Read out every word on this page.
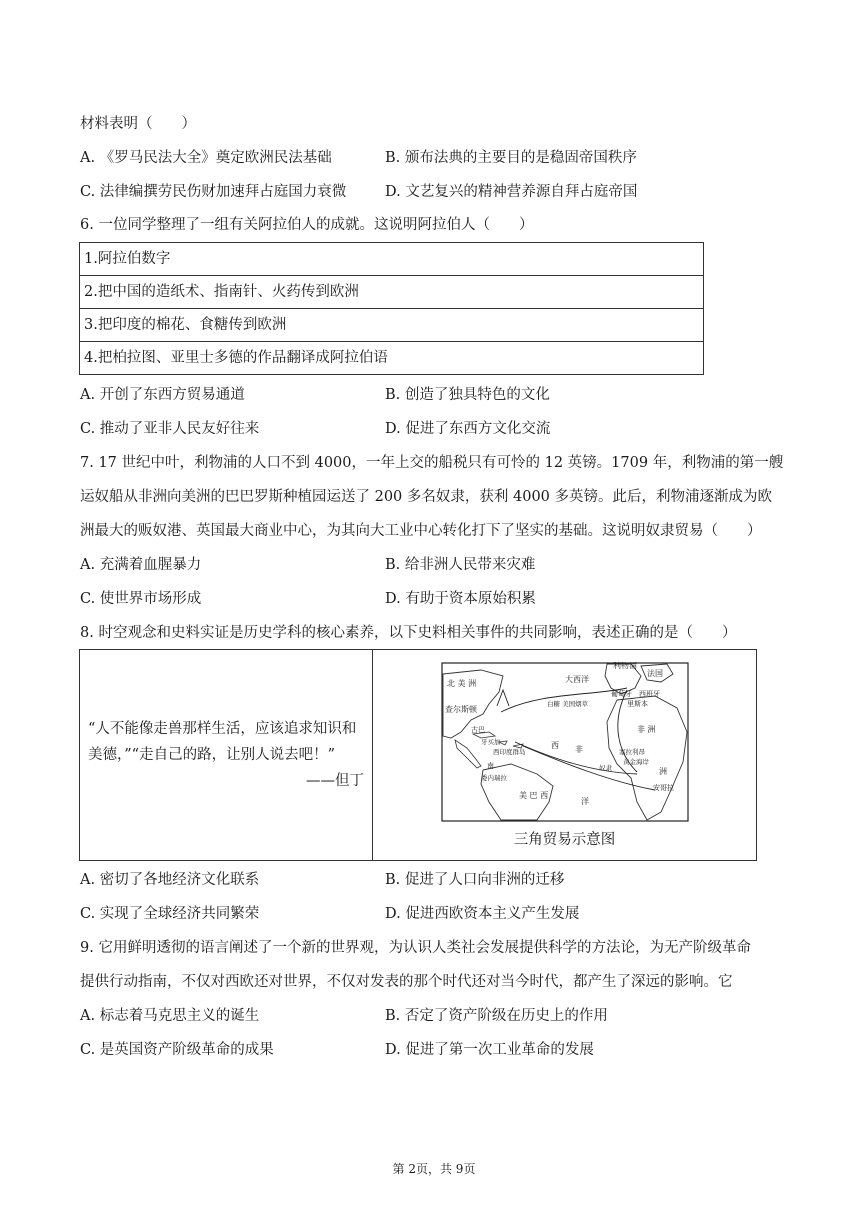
材料表明（　　）
A. 《罗马民法大全》奠定欧洲民法基础	B. 颁布法典的主要目的是稳固帝国秩序
C. 法律编撰劳民伤财加速拜占庭国力衰微	D. 文艺复兴的精神营养源自拜占庭帝国
6. 一位同学整理了一组有关阿拉伯人的成就。这说明阿拉伯人（　　）
1.阿拉伯数字
2.把中国的造纸术、指南针、火药传到欧洲
3.把印度的棉花、食糖传到欧洲
4.把柏拉图、亚里士多德的作品翻译成阿拉伯语
A. 开创了东西方贸易通道	B. 创造了独具特色的文化
C. 推动了亚非人民友好往来	D. 促进了东西方文化交流
7. 17 世纪中叶，利物浦的人口不到 4000，一年上交的船税只有可怜的 12 英镑。1709 年，利物浦的第一艘
运奴船从非洲向美洲的巴巴罗斯种植园运送了 200 多名奴隶，获利 4000 多英镑。此后，利物浦逐渐成为欧
洲最大的贩奴港、英国最大商业中心，为其向大工业中心转化打下了坚实的基础。这说明奴隶贸易（　　）
A. 充满着血腥暴力	B. 给非洲人民带来灾难
C. 使世界市场形成	D. 有助于资本原始积累
8. 时空观念和史料实证是历史学科的核心素养，以下史料相关事件的共同影响，表述正确的是（　　）
“人不能像走兽那样生活，应该追求知识和美德，”“走自己的路，让别人说去吧！”
——但丁

北 美 洲	大西洋
利物浦
法国
查尔斯顿
白糖 美国烟草
葡萄牙 西班牙
里斯本
古巴
牙买加
西印度群岛
委内瑞拉
南
美 巴 西
西 非
洲
非 洲
塞拉利昂
黄金海岸
奴隶
安哥拉
洋
三角贸易示意图
A. 密切了各地经济文化联系	B. 促进了人口向非洲的迁移
C. 实现了全球经济共同繁荣	D. 促进西欧资本主义产生发展
9. 它用鲜明透彻的语言阐述了一个新的世界观，为认识人类社会发展提供科学的方法论，为无产阶级革命
提供行动指南，不仅对西欧还对世界，不仅对发表的那个时代还对当今时代，都产生了深远的影响。它
A. 标志着马克思主义的诞生	B. 否定了资产阶级在历史上的作用
C. 是英国资产阶级革命的成果	D. 促进了第一次工业革命的发展
第 2页，共 9页
